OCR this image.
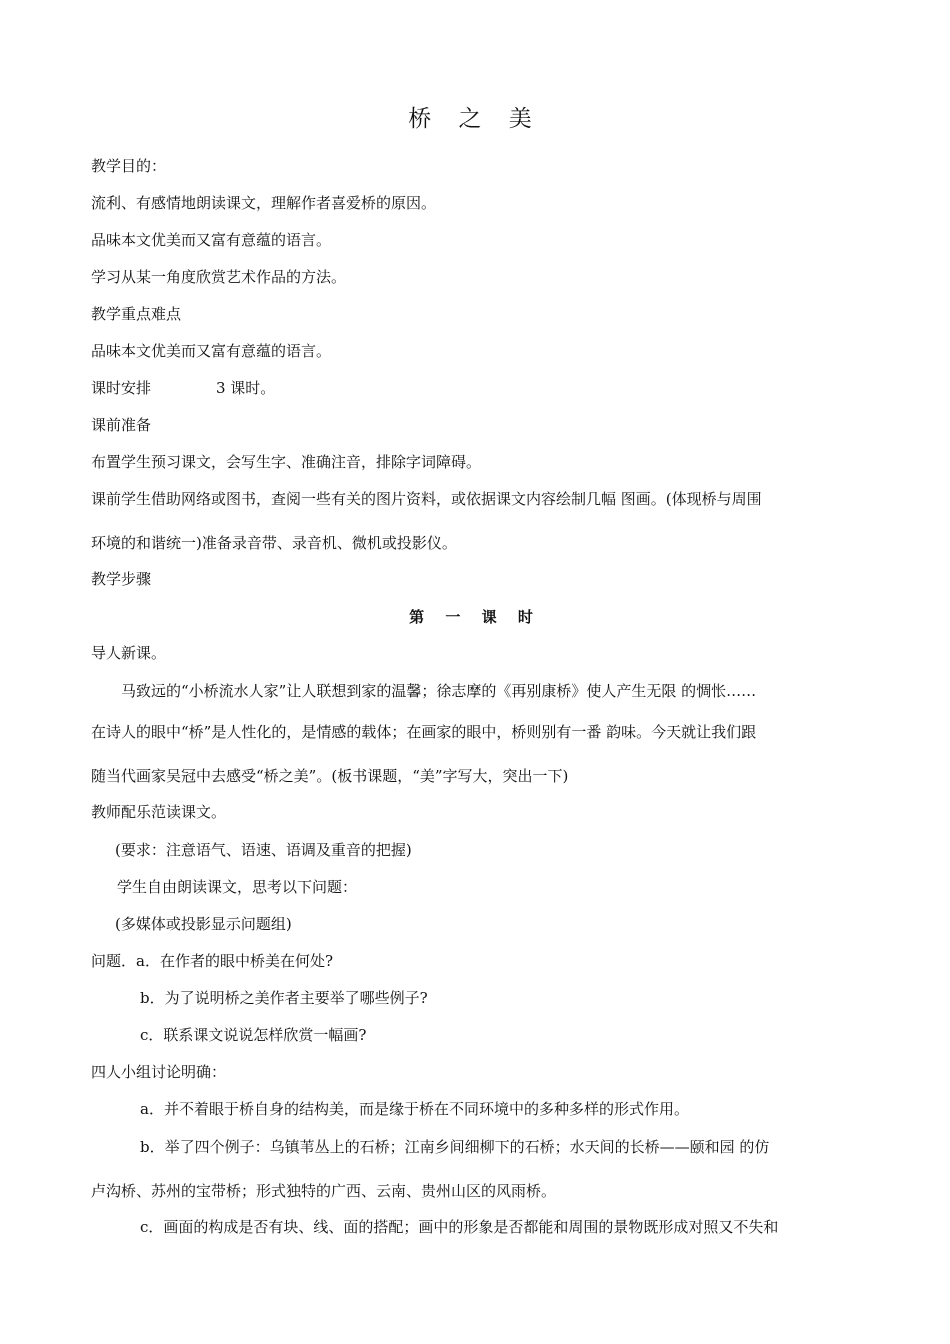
桥 之 美
教学目的：
流利、有感情地朗读课文，理解作者喜爱桥的原因。
品味本文优美而又富有意蕴的语言。
学习从某一角度欣赏艺术作品的方法。
教学重点难点
品味本文优美而又富有意蕴的语言。
课时安排	3 课时。
课前准备
布置学生预习课文，会写生字、准确注音，排除字词障碍。
课前学生借助网络或图书，查阅一些有关的图片资料，或依据课文内容绘制几幅 图画。(体现桥与周围
环境的和谐统一)准备录音带、录音机、微机或投影仪。
教学步骤
第 一 课 时
导人新课。
马致远的“小桥流水人家”让人联想到家的温馨；徐志摩的《再别康桥》使人产生无限 的惆怅……
在诗人的眼中“桥”是人性化的，是情感的载体；在画家的眼中，桥则别有一番 韵味。今天就让我们跟
随当代画家吴冠中去感受“桥之美”。(板书课题，“美”字写大，突出一下)
教师配乐范读课文。
(要求：注意语气、语速、语调及重音的把握)
学生自由朗读课文，思考以下问题：
(多媒体或投影显示问题组)
问题．a．在作者的眼中桥美在何处?
b．为了说明桥之美作者主要举了哪些例子?
c．联系课文说说怎样欣赏一幅画?
四人小组讨论明确：
a．并不着眼于桥自身的结构美，而是缘于桥在不同环境中的多种多样的形式作用。
b．举了四个例子：乌镇苇丛上的石桥；江南乡间细柳下的石桥；水天间的长桥——颐和园 的仿
卢沟桥、苏州的宝带桥；形式独特的广西、云南、贵州山区的风雨桥。
c．画面的构成是否有块、线、面的搭配；画中的形象是否都能和周围的景物既形成对照又不失和
